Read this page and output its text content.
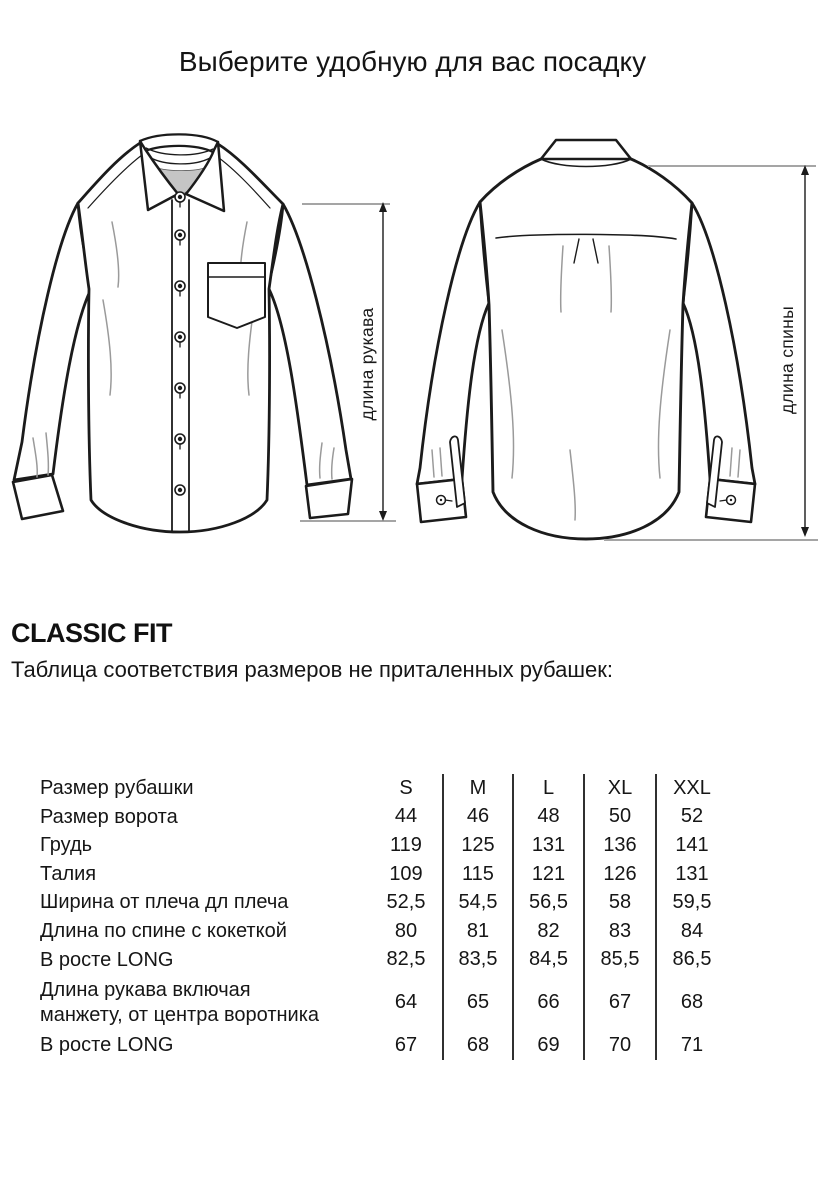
Выберите удобную для вас посадку
длина рукава	длина спины
CLASSIC FIT
Таблица соответствия размеров не приталенных рубашек:
Размер рубашки	S	M	L	XL	XXL
Размер ворота	44	46	48	50	52
Грудь	119	125	131	136	141
Талия	109	115	121	126	131
Ширина от плеча дл плеча	52,5	54,5	56,5	58	59,5
Длина по спине с кокеткой	80	81	82	83	84
В росте LONG	82,5	83,5	84,5	85,5	86,5
Длина рукава включая манжету, от центра воротника
64	65	66	67	68
В росте LONG	67	68	69	70	71
